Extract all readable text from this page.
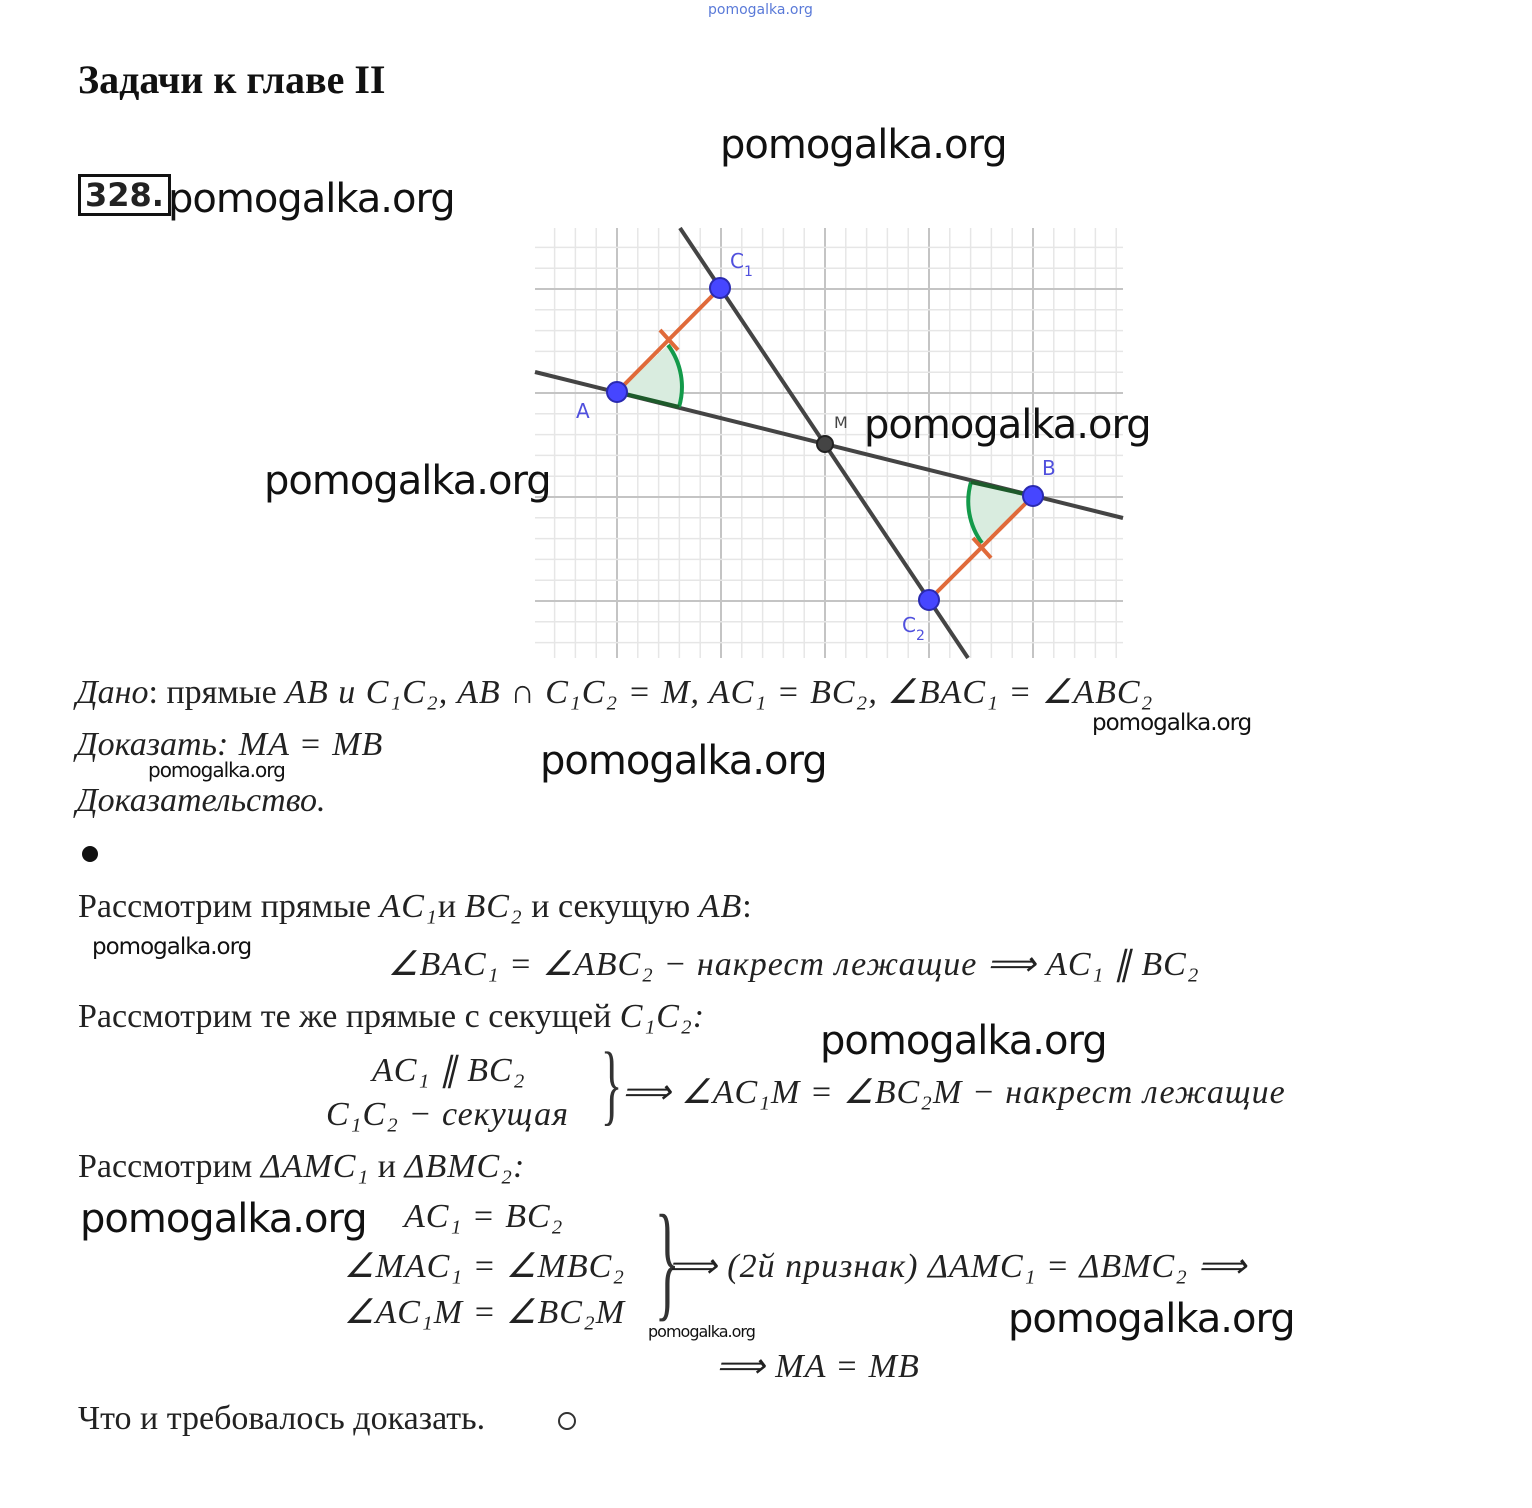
pomogalka.org
Задачи к главе II
328.
pomogalka.org
pomogalka.org
A
B
M
$C_1$
$C_2$
pomogalka.org
pomogalka.org
Дано: прямые AB и C₁C₂, AB ∩ C₁C₂ = M, AC₁ = BC₂, ∠BAC₁ = ∠ABC₂
pomogalka.org
Доказать: MA = MB
pomogalka.org	pomogalka.org
Доказательство.
Рассмотрим прямые AC₁и BC₂ и секущую AB:
pomogalka.org	∠BAC₁ = ∠ABC₂ − накрест лежащие ⟹ AC₁ ∥ BC₂
Рассмотрим те же прямые с секущей C₁C₂:
pomogalka.org
AC₁ ∥ BC₂
C₁C₂ − секущая } ⟹ ∠AC₁M = ∠BC₂M − накрест лежащие
Рассмотрим ΔAMC₁ и ΔBMC₂:
pomogalka.org AC₁ = BC₂
∠MAC₁ = ∠MBC₂
∠AC₁M = ∠BC₂M }
⟹ (2й признак) ΔAMC₁ = ΔBMC₂ ⟹
pomogalka.org	pomogalka.org
⟹ MA = MB
Что и требовалось доказать.
